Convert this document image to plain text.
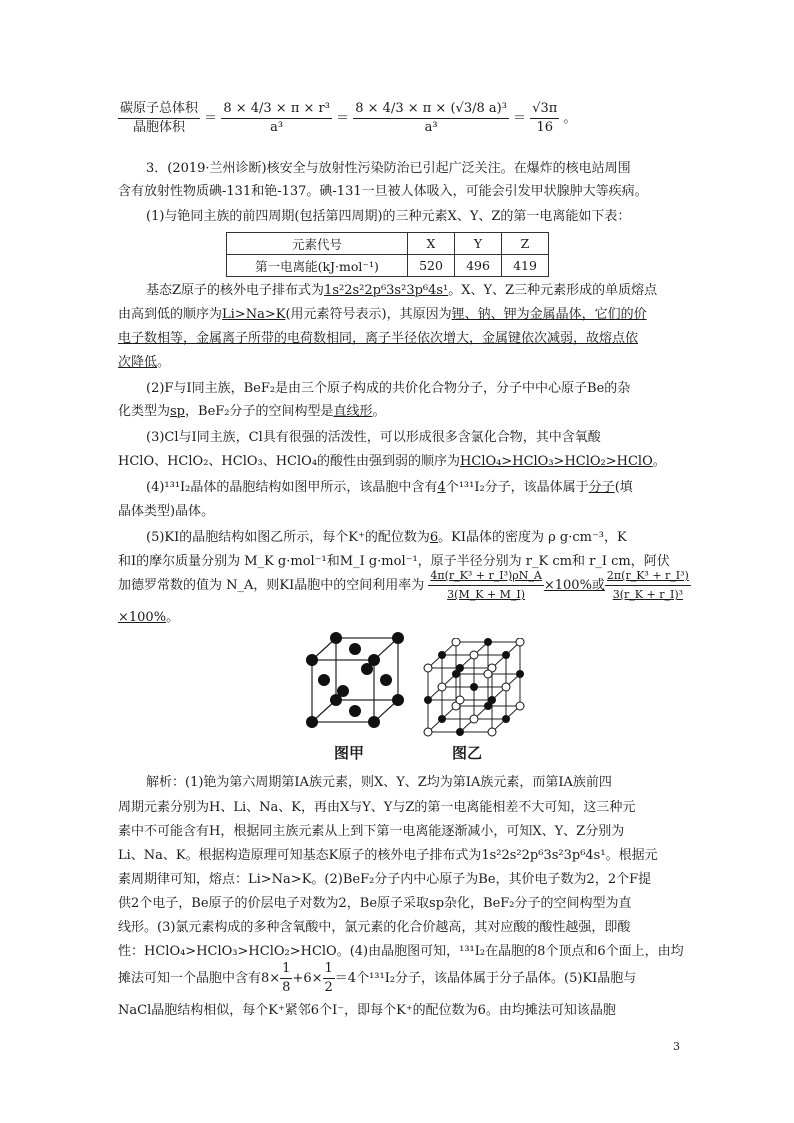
$\frac{\text{碳原子总体积}}{\text{晶胞体积}} = \frac{\text{8 × 4/3 × π × r³}}{\text{a³}} = \frac{\text{8 × 4/3 × π × (√3/8 a)³}}{\text{a³}} = \frac{√3\pi}{16}$ 。
3．(2019·兰州诊断)核安全与放射性污染防治已引起广泛关注。在爆炸的核电站周围
含有放射性物质碘-131和铯-137。碘-131一旦被人体吸入，可能会引发甲状腺肿大等疾病。
(1)与铯同主族的前四周期(包括第四周期)的三种元素X、Y、Z的第一电离能如下表：
元素代号	X	Y	Z
第一电离能(kJ·mol⁻¹)	520	496	419
基态Z原子的核外电子排布式为1s²2s²2p⁶3s²3p⁶4s¹。X、Y、Z三种元素形成的单质熔点
由高到低的顺序为Li>Na>K(用元素符号表示)，其原因为锂、钠、钾为金属晶体，它们的价
电子数相等，金属离子所带的电荷数相同，离子半径依次增大，金属键依次减弱，故熔点依
次降低。
(2)F与I同主族，BeF₂是由三个原子构成的共价化合物分子，分子中中心原子Be的杂
化类型为sp，BeF₂分子的空间构型是直线形。
(3)Cl与I同主族，Cl具有很强的活泼性，可以形成很多含氯化合物，其中含氧酸
HClO、HClO₂、HClO₃、HClO₄的酸性由强到弱的顺序为HClO₄>HClO₃>HClO₂>HClO。
(4)¹³¹I₂晶体的晶胞结构如图甲所示，该晶胞中含有4个¹³¹I₂分子，该晶体属于分子(填
晶体类型)晶体。
(5)KI的晶胞结构如图乙所示，每个K⁺的配位数为6。KI晶体的密度为 ρ g·cm⁻³，K
和I的摩尔质量分别为 M_K g·mol⁻¹和M_I g·mol⁻¹，原子半径分别为 r_K cm和 r_I cm，阿伏
加德罗常数的值为 N_A，则KI晶胞中的空间利用率为 $\frac{\text{4π(r\_K³ + r\_I³)ρN\_A}}{3(M\_K + M\_I)} \times 100\%$或 $\frac{\text{2π(r\_K³ + r\_I³)}}{\text{3(r\_K + r\_I)³}}$
×100%。
图甲	图乙
解析：(1)铯为第六周期第ⅠA族元素，则X、Y、Z均为第ⅠA族元素，而第ⅠA族前四
周期元素分别为H、Li、Na、K，再由X与Y、Y与Z的第一电离能相差不大可知，这三种元
素中不可能含有H，根据同主族元素从上到下第一电离能逐渐减小，可知X、Y、Z分别为
Li、Na、K。根据构造原理可知基态K原子的核外电子排布式为1s²2s²2p⁶3s²3p⁶4s¹。根据元
素周期律可知，熔点：Li>Na>K。(2)BeF₂分子内中心原子为Be，其价电子数为2，2个F提
供2个电子，Be原子的价层电子对数为2，Be原子采取sp杂化，BeF₂分子的空间构型为直
线形。(3)氯元素构成的多种含氧酸中，氯元素的化合价越高，其对应酸的酸性越强，即酸
性：HClO₄>HClO₃>HClO₂>HClO。(4)由晶胞图可知，¹³¹I₂在晶胞的8个顶点和6个面上，由均
摊法可知一个晶胞中含有$8\times \frac{1}{8} +6\times \frac{1}{2} =4$个¹³¹I₂分子，该晶体属于分子晶体。(5)KI晶胞与
NaCl晶胞结构相似，每个K⁺紧邻6个I⁻，即每个K⁺的配位数为6。由均摊法可知该晶胞
3
